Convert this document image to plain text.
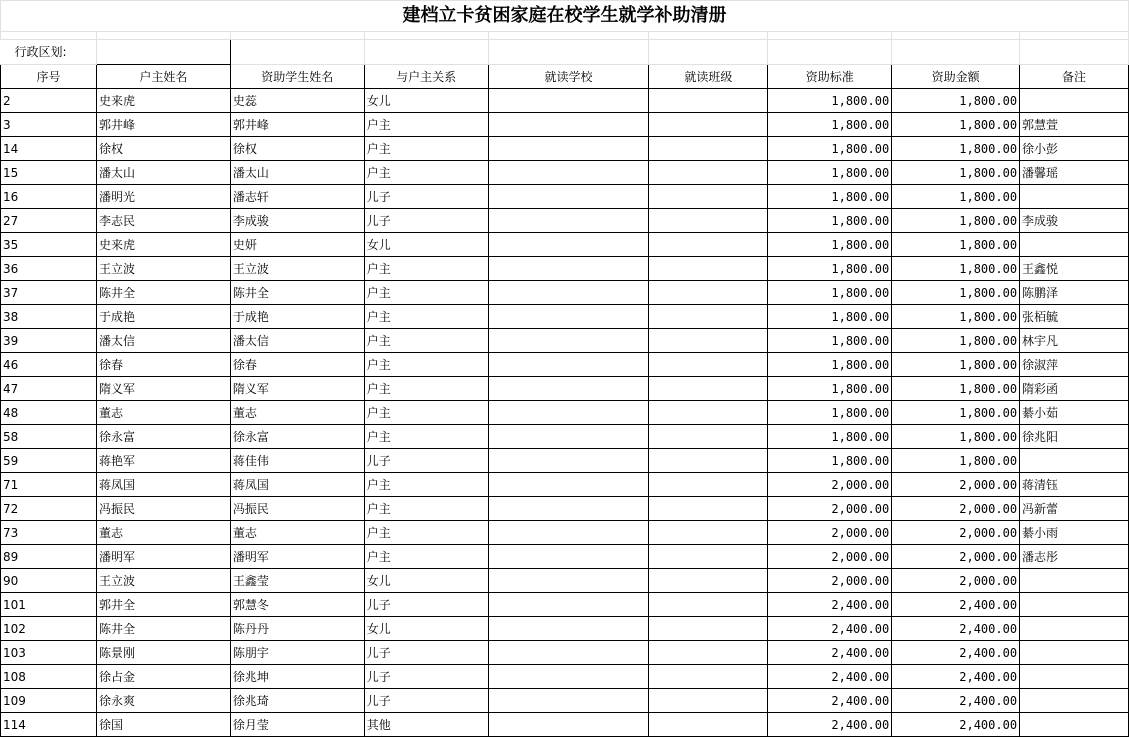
建档立卡贫困家庭在校学生就学补助清册								

行政区划:								
序号	户主姓名	资助学生姓名	与户主关系	就读学校	就读班级	资助标准	资助金额	备注
2	史来虎	史蕊	女儿			1,800.00	1,800.00	
3	郭井峰	郭井峰	户主			1,800.00	1,800.00	郭慧萱
14	徐权	徐权	户主			1,800.00	1,800.00	徐小彭
15	潘太山	潘太山	户主			1,800.00	1,800.00	潘馨瑶
16	潘明光	潘志轩	儿子			1,800.00	1,800.00	
27	李志民	李成骏	儿子			1,800.00	1,800.00	李成骏
35	史来虎	史妍	女儿			1,800.00	1,800.00	
36	王立波	王立波	户主			1,800.00	1,800.00	王鑫悦
37	陈井全	陈井全	户主			1,800.00	1,800.00	陈鹏泽
38	于成艳	于成艳	户主			1,800.00	1,800.00	张栢毓
39	潘太信	潘太信	户主			1,800.00	1,800.00	林宇凡
46	徐春	徐春	户主			1,800.00	1,800.00	徐淑萍
47	隋义军	隋义军	户主			1,800.00	1,800.00	隋彩函
48	董志	董志	户主			1,800.00	1,800.00	綦小茹
58	徐永富	徐永富	户主			1,800.00	1,800.00	徐兆阳
59	蒋艳军	蒋佳伟	儿子			1,800.00	1,800.00	
71	蒋凤国	蒋凤国	户主			2,000.00	2,000.00	蒋清钰
72	冯振民	冯振民	户主			2,000.00	2,000.00	冯新蕾
73	董志	董志	户主			2,000.00	2,000.00	綦小雨
89	潘明军	潘明军	户主			2,000.00	2,000.00	潘志彤
90	王立波	王鑫莹	女儿			2,000.00	2,000.00	
101	郭井全	郭慧冬	儿子			2,400.00	2,400.00	
102	陈井全	陈丹丹	女儿			2,400.00	2,400.00	
103	陈景刚	陈朋宇	儿子			2,400.00	2,400.00	
108	徐占金	徐兆坤	儿子			2,400.00	2,400.00	
109	徐永爽	徐兆琦	儿子			2,400.00	2,400.00	
114	徐国	徐月莹	其他			2,400.00	2,400.00	
